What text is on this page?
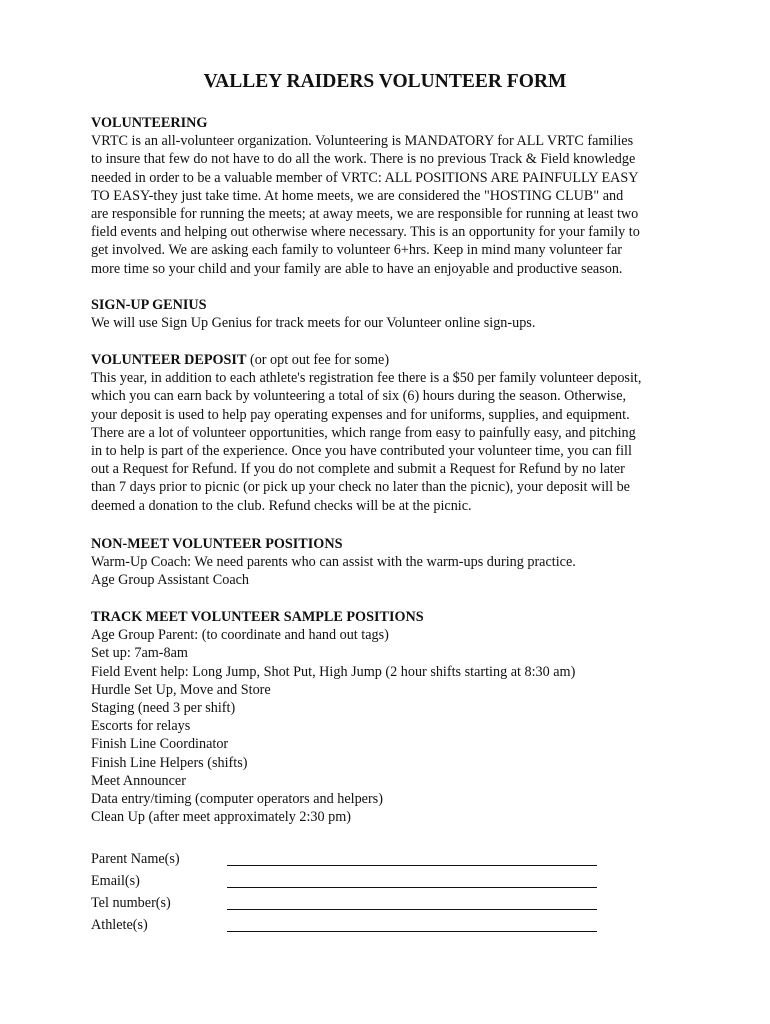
VALLEY RAIDERS VOLUNTEER FORM

VOLUNTEERING

VRTC is an all-volunteer organization. Volunteering is MANDATORY for ALL VRTC families
to insure that few do not have to do all the work. There is no previous Track & Field knowledge
needed in order to be a valuable member of VRTC: ALL POSITIONS ARE PAINFULLY EASY
TO EASY-they just take time. At home meets, we are considered the "HOSTING CLUB" and
are responsible for running the meets; at away meets, we are responsible for running at least two
field events and helping out otherwise where necessary. This is an opportunity for your family to
get involved. We are asking each family to volunteer 6+hrs. Keep in mind many volunteer far
more time so your child and your family are able to have an enjoyable and productive season.

SIGN-UP GENIUS

We will use Sign Up Genius for track meets for our Volunteer online sign-ups.

VOLUNTEER DEPOSIT (or opt out fee for some)

This year, in addition to each athlete's registration fee there is a $50 per family volunteer deposit,
which you can earn back by volunteering a total of six (6) hours during the season. Otherwise,
your deposit is used to help pay operating expenses and for uniforms, supplies, and equipment.
There are a lot of volunteer opportunities, which range from easy to painfully easy, and pitching
in to help is part of the experience. Once you have contributed your volunteer time, you can fill
out a Request for Refund. If you do not complete and submit a Request for Refund by no later
than 7 days prior to picnic (or pick up your check no later than the picnic), your deposit will be
deemed a donation to the club. Refund checks will be at the picnic.

NON-MEET VOLUNTEER POSITIONS

Warm-Up Coach: We need parents who can assist with the warm-ups during practice.
Age Group Assistant Coach

TRACK MEET VOLUNTEER SAMPLE POSITIONS

Age Group Parent: (to coordinate and hand out tags)
Set up: 7am-8am
Field Event help: Long Jump, Shot Put, High Jump (2 hour shifts starting at 8:30 am)
Hurdle Set Up, Move and Store
Staging (need 3 per shift)
Escorts for relays
Finish Line Coordinator
Finish Line Helpers (shifts)
Meet Announcer
Data entry/timing (computer operators and helpers)
Clean Up (after meet approximately 2:30 pm)

Parent Name(s)
Email(s)
Tel number(s)
Athlete(s)
